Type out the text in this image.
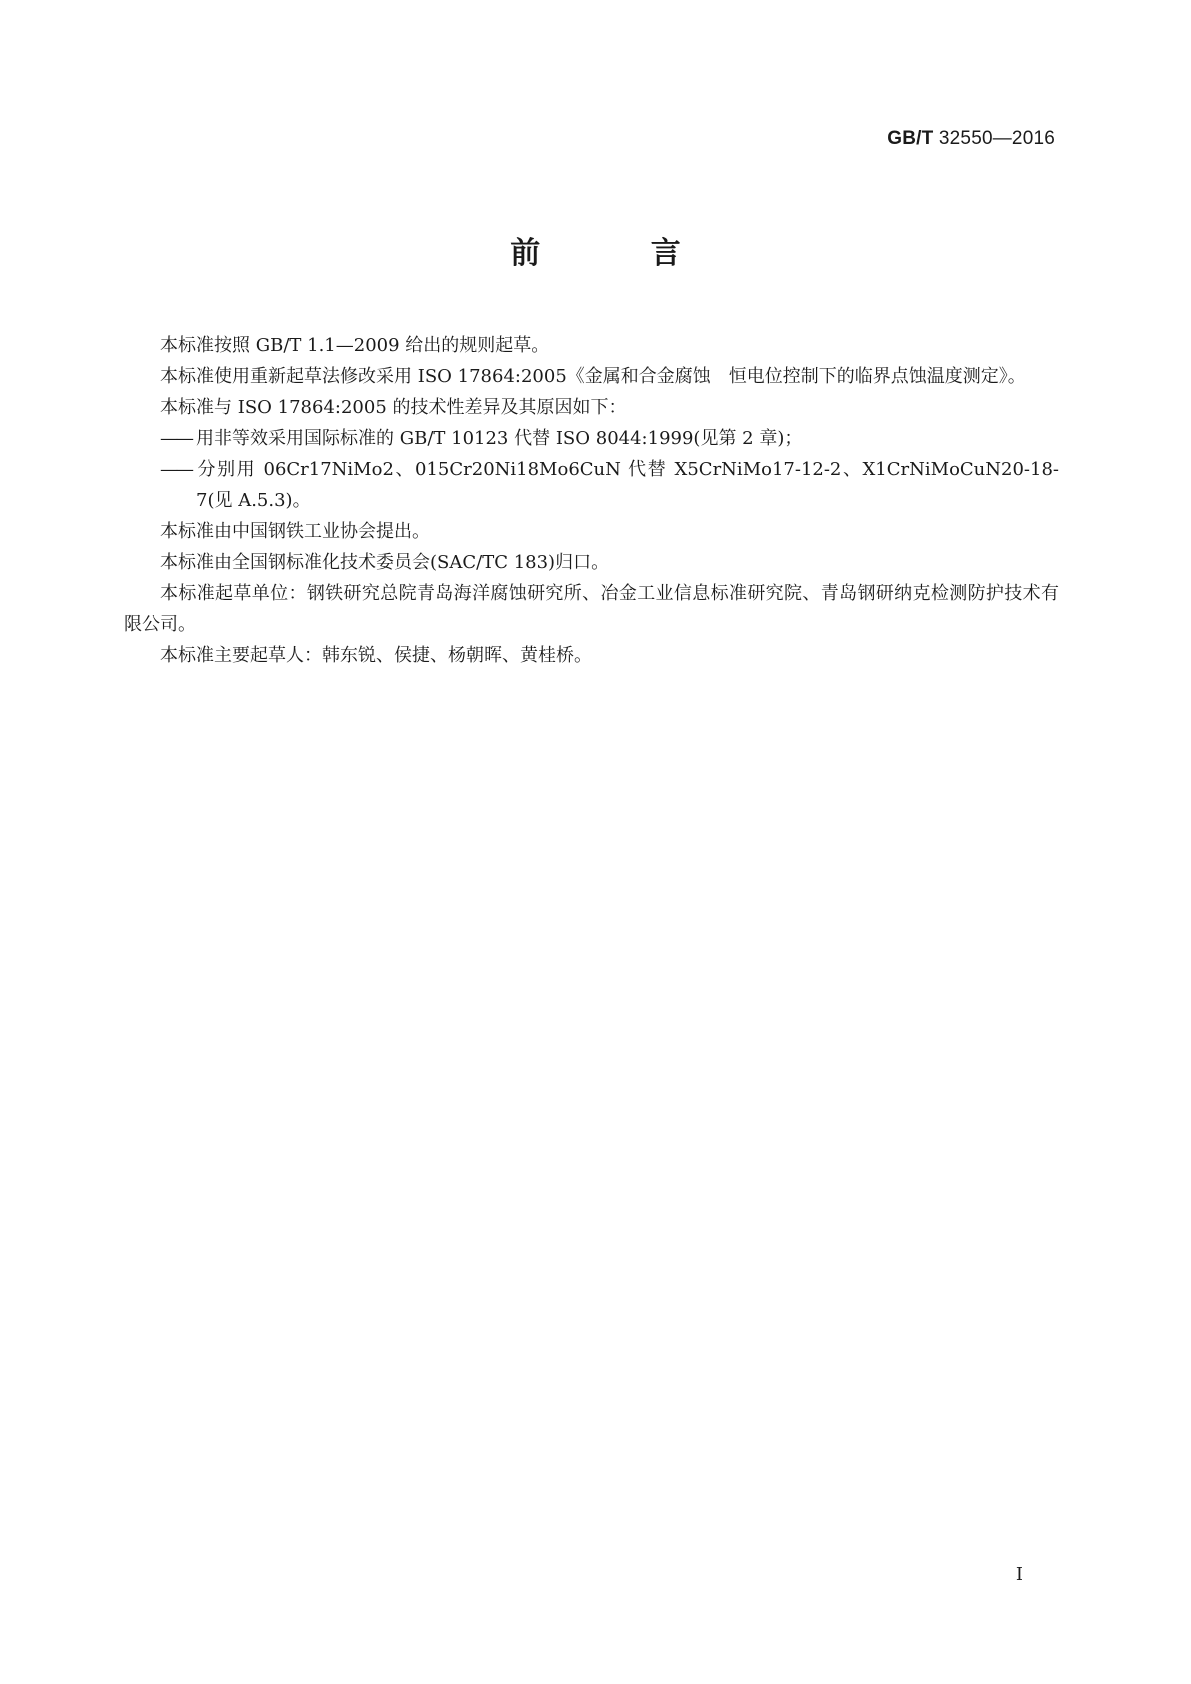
GB/T 32550—2016
前 言

本标准按照 GB/T 1.1—2009 给出的规则起草。

本标准使用重新起草法修改采用 ISO 17864:2005《金属和合金腐蚀　恒电位控制下的临界点蚀温度测定》。

本标准与 ISO 17864:2005 的技术性差异及其原因如下：

—— 用非等效采用国际标准的 GB/T 10123 代替 ISO 8044:1999(见第 2 章)；

—— 分别用 06Cr17NiMo2、015Cr20Ni18Mo6CuN 代替 X5CrNiMo17-12-2、X1CrNiMoCuN20-18-7(见 A.5.3)。

本标准由中国钢铁工业协会提出。

本标准由全国钢标准化技术委员会(SAC/TC 183)归口。

本标准起草单位：钢铁研究总院青岛海洋腐蚀研究所、冶金工业信息标准研究院、青岛钢研纳克检测防护技术有限公司。

本标准主要起草人：韩东锐、侯捷、杨朝晖、黄桂桥。

I
